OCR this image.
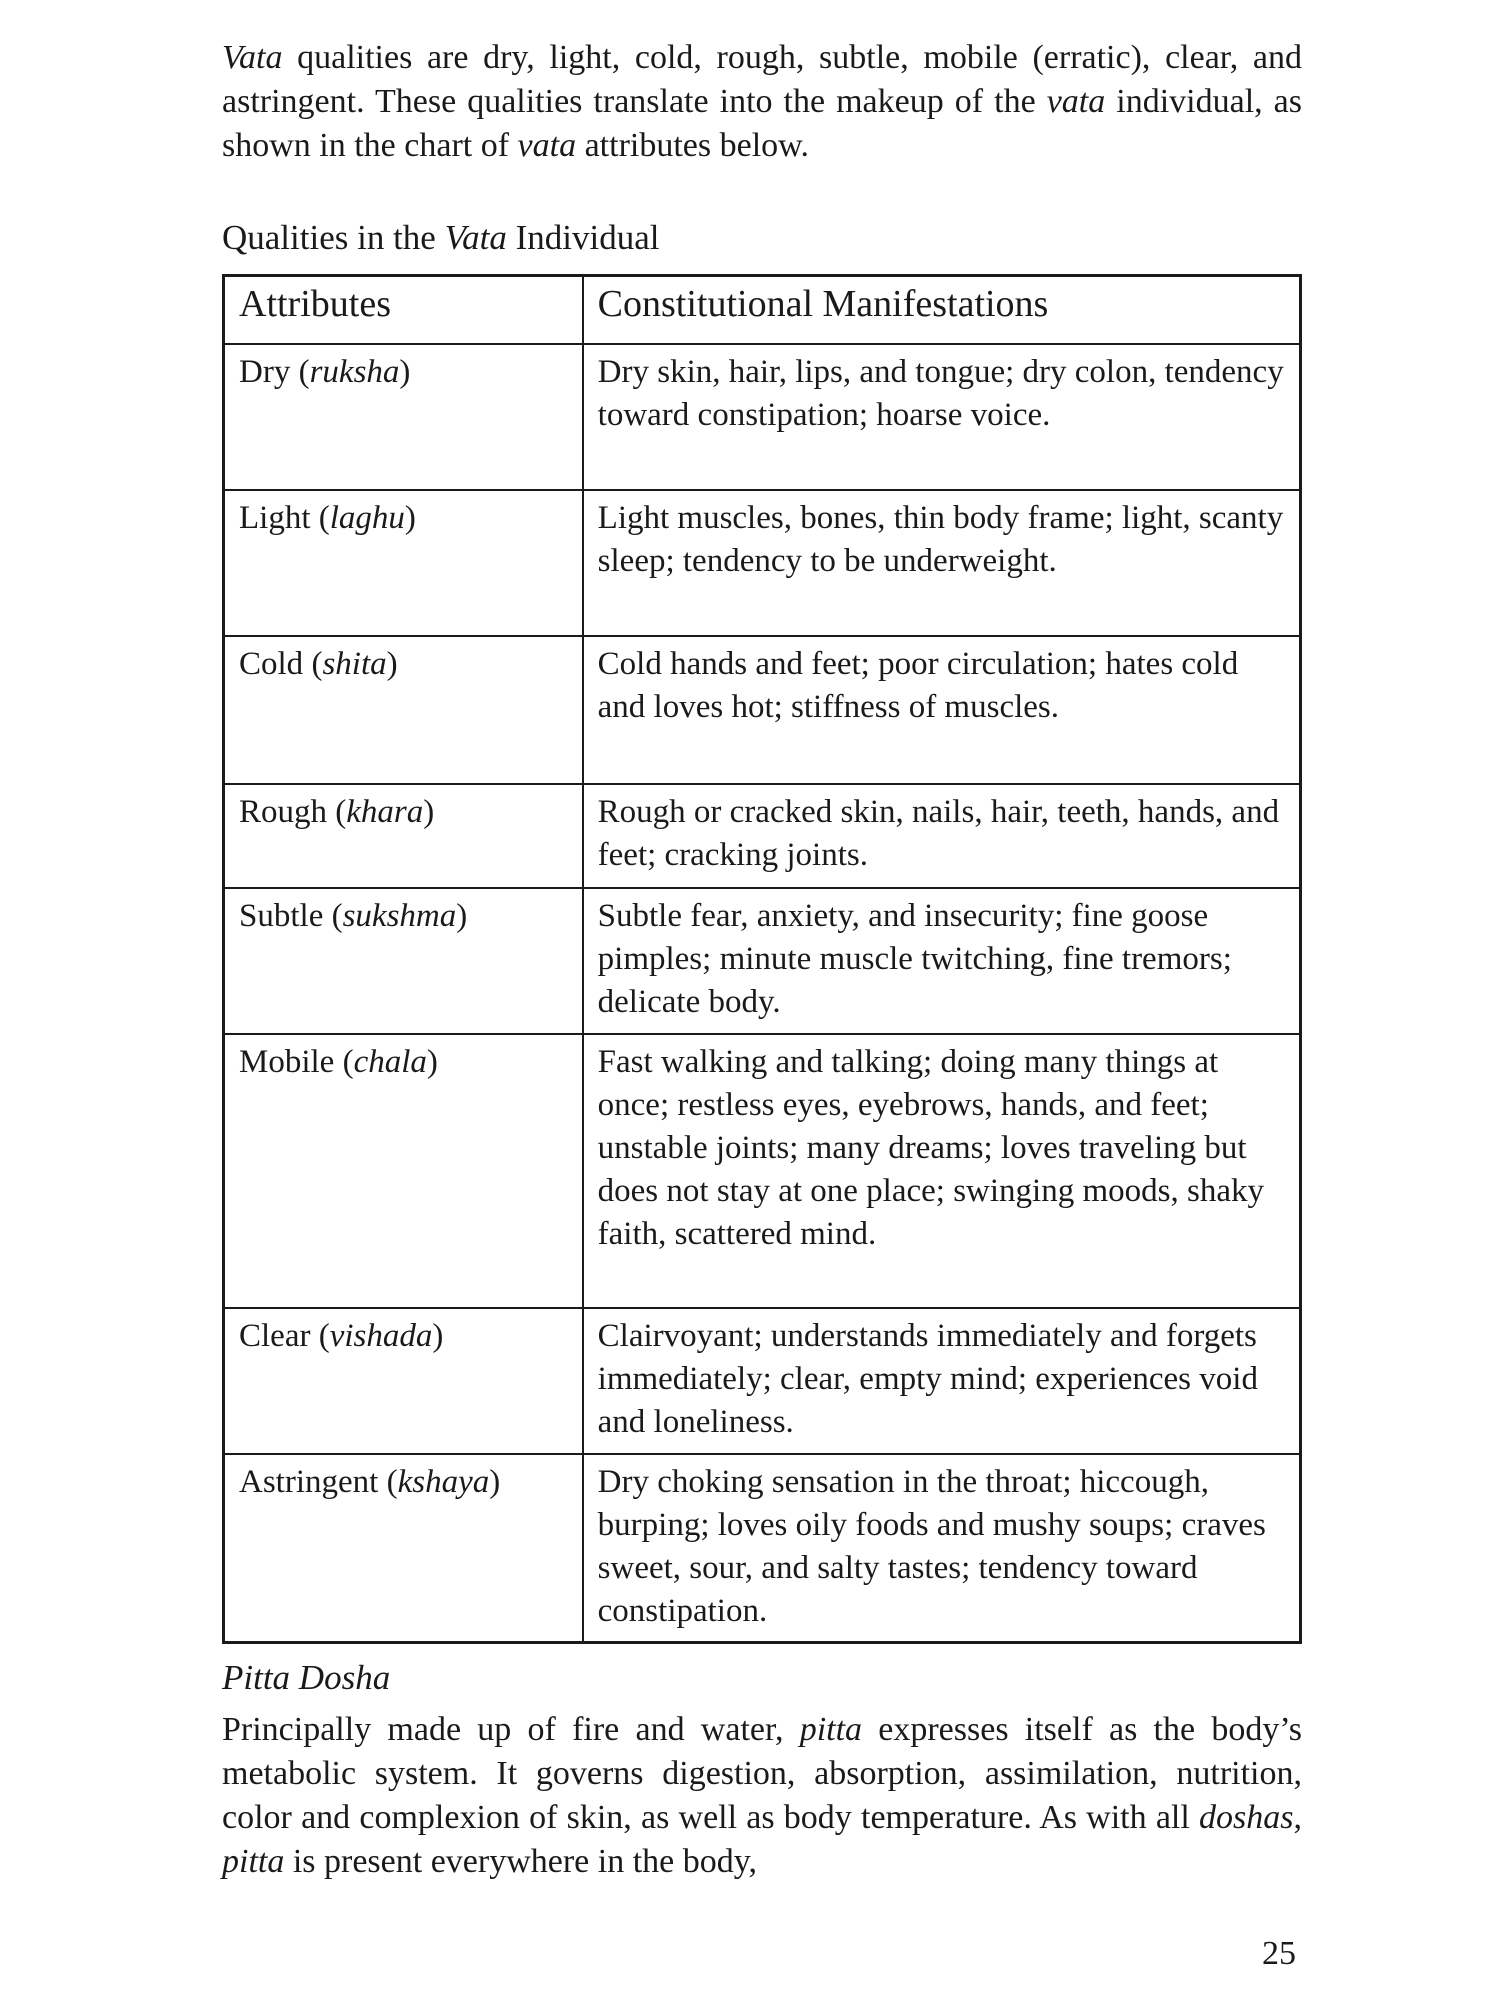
Vata qualities are dry, light, cold, rough, subtle, mobile (erratic), clear, and astringent. These qualities translate into the makeup of the vata individual, as shown in the chart of vata attributes below.

Qualities in the Vata Individual
Attributes	Constitutional Manifestations
Dry (ruksha)	Dry skin, hair, lips, and tongue; dry colon, tendency toward constipation; hoarse voice.
Light (laghu)	Light muscles, bones, thin body frame; light, scanty sleep; tendency to be underweight.
Cold (shita)	Cold hands and feet; poor circulation; hates cold and loves hot; stiffness of muscles.
Rough (khara)	Rough or cracked skin, nails, hair, teeth, hands, and feet; cracking joints.
Subtle (sukshma)	Subtle fear, anxiety, and insecurity; fine goose pimples; minute muscle twitching, fine tremors; delicate body.
Mobile (chala)	Fast walking and talking; doing many things at once; restless eyes, eyebrows, hands, and feet; unstable joints; many dreams; loves traveling but does not stay at one place; swinging moods, shaky faith, scattered mind.
Clear (vishada)	Clairvoyant; understands immediately and forgets immediately; clear, empty mind; experiences void and loneliness.
Astringent (kshaya)	Dry choking sensation in the throat; hiccough, burping; loves oily foods and mushy soups; craves sweet, sour, and salty tastes; tendency toward constipation.
Pitta Dosha

Principally made up of fire and water, pitta expresses itself as the body’s metabolic system. It governs digestion, absorption, assimilation, nutrition, color and complexion of skin, as well as body temperature. As with all doshas, pitta is present everywhere in the body,

25
